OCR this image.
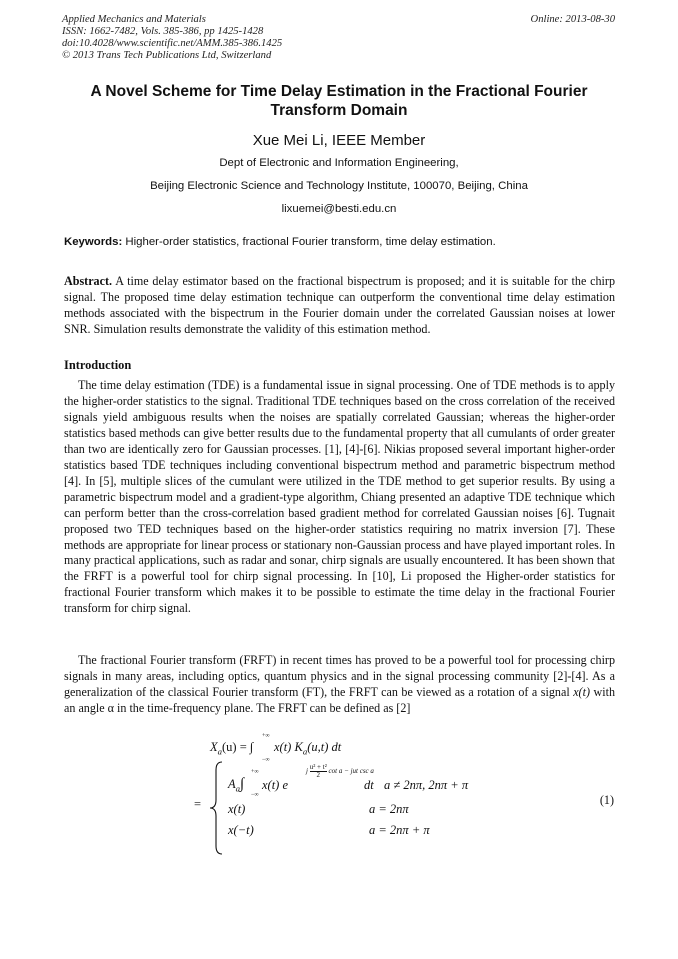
Applied Mechanics and Materials
ISSN: 1662-7482, Vols. 385-386, pp 1425-1428
doi:10.4028/www.scientific.net/AMM.385-386.1425
© 2013 Trans Tech Publications Ltd, Switzerland
Online: 2013-08-30
A Novel Scheme for Time Delay Estimation in the Fractional Fourier Transform Domain
Xue Mei Li, IEEE Member
Dept of Electronic and Information Engineering,
Beijing Electronic Science and Technology Institute, 100070, Beijing, China
lixuemei@besti.edu.cn
Keywords: Higher-order statistics, fractional Fourier transform, time delay estimation.
Abstract. A time delay estimator based on the fractional bispectrum is proposed; and it is suitable for the chirp signal. The proposed time delay estimation technique can outperform the conventional time delay estimation methods associated with the bispectrum in the Fourier domain under the correlated Gaussian noises at lower SNR. Simulation results demonstrate the validity of this estimation method.
Introduction

The time delay estimation (TDE) is a fundamental issue in signal processing. One of TDE methods is to apply the higher-order statistics to the signal. Traditional TDE techniques based on the cross correlation of the received signals yield ambiguous results when the noises are spatially correlated Gaussian; whereas the higher-order statistics based methods can give better results due to the fundamental property that all cumulants of order greater than two are identically zero for Gaussian processes. [1], [4]-[6]. Nikias proposed several important higher-order statistics based TDE techniques including conventional bispectrum method and parametric bispectrum method [4]. In [5], multiple slices of the cumulant were utilized in the TDE method to get superior results. By using a parametric bispectrum model and a gradient-type algorithm, Chiang presented an adaptive TDE technique which can perform better than the cross-correlation based gradient method for correlated Gaussian noises [6]. Tugnait proposed two TED techniques based on the higher-order statistics requiring no matrix inversion [7]. These methods are appropriate for linear process or stationary non-Gaussian process and have played important roles. In many practical applications, such as radar and sonar, chirp signals are usually encountered. It has been shown that the FRFT is a powerful tool for chirp signal processing. In [10], Li proposed the Higher-order statistics for fractional Fourier transform which makes it to be possible to estimate the time delay in the fractional Fourier transform for chirp signal.

The fractional Fourier transform (FRFT) in recent times has proved to be a powerful tool for processing chirp signals in many areas, including optics, quantum physics and in the signal processing community [2]-[4]. As a generalization of the classical Fourier transform (FT), the FRFT can be viewed as a rotation of a signal x(t) with an angle α in the time-frequency plane. The FRFT can be defined as [2]

$X_a(u)$ = ∫
+∞
−∞
x(t) $K_a(u,t)$ dt
=
$A_a\int$
+∞
−∞
x(t) e
j $\frac{\text{u² + t²}}{2}$ cot a − jut csc a
dt a ≠ 2nπ, 2nπ + π
x(t)	a = 2nπ
x(−t)	a = 2nπ + π
(1)
